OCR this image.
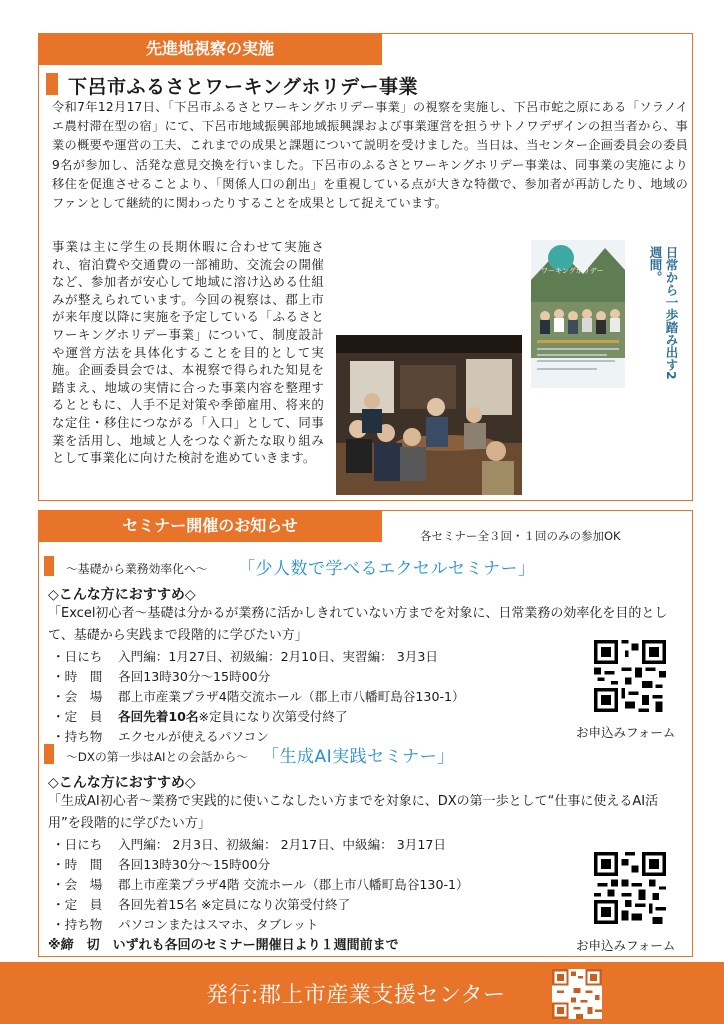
先進地視察の実施
下呂市ふるさとワーキングホリデー事業
令和7年12月17日、「下呂市ふるさとワーキングホリデー事業」の視察を実施し、下呂市蛇之原にある「ソラノイエ農村滞在型の宿」にて、下呂市地域振興部地域振興課および事業運営を担うサトノワデザインの担当者から、事業の概要や運営の工夫、これまでの成果と課題について説明を受けました。当日は、当センター企画委員会の委員9名が参加し、活発な意見交換を行いました。下呂市のふるさとワーキングホリデー事業は、同事業の実施により移住を促進させることより、「関係人口の創出」を重視している点が大きな特徴で、参加者が再訪したり、地域のファンとして継続的に関わったりすることを成果として捉えています。
事業は主に学生の長期休暇に合わせて実施され、宿泊費や交通費の一部補助、交流会の開催など、参加者が安心して地域に溶け込める仕組みが整えられています。今回の視察は、郡上市が来年度以降に実施を予定している「ふるさとワーキングホリデー事業」について、制度設計や運営方法を具体化することを目的として実施。企画委員会では、本視察で得られた知見を踏まえ、地域の実情に合った事業内容を整理するとともに、人手不足対策や季節雇用、将来的な定住・移住につながる「入口」として、同事業を活用し、地域と人をつなぐ新たな取り組みとして事業化に向けた検討を進めていきます。
ワーキングホリデー	日常から一歩踏み出す2週間。
セミナー開催のお知らせ
各セミナー全３回・１回のみの参加OK
～基礎から業務効率化へ～ 「少人数で学べるエクセルセミナー」
◇こんな方におすすめ◇
「Excel初心者～基礎は分かるが業務に活かしきれていない方までを対象に、日常業務の効率化を目的として、基礎から実践まで段階的に学びたい方」
・日にち 入門編：1月27日、初級編：2月10日、実習編： 3月3日
・時　間 各回13時30分～15時00分
・会　場 郡上市産業プラザ4階交流ホール（郡上市八幡町島谷130-1）
・定　員 各回先着10名※定員になり次第受付終了
・持ち物 エクセルが使えるパソコン	お申込みフォーム
～DXの第一歩はAIとの会話から～ 「生成AI実践セミナー」
◇こんな方におすすめ◇
「生成AI初心者～業務で実践的に使いこなしたい方までを対象に、DXの第一歩として“仕事に使えるAI活用”を段階的に学びたい方」
・日にち 入門編： 2月3日、初級編： 2月17日、中級編： 3月17日
・時　間 各回13時30分～15時00分
・会　場 郡上市産業プラザ4階 交流ホール（郡上市八幡町島谷130-1）
・定　員 各回先着15名 ※定員になり次第受付終了
・持ち物 パソコンまたはスマホ、タブレット
※締　切　いずれも各回のセミナー開催日より１週間前まで	お申込みフォーム
発行:郡上市産業支援センター
